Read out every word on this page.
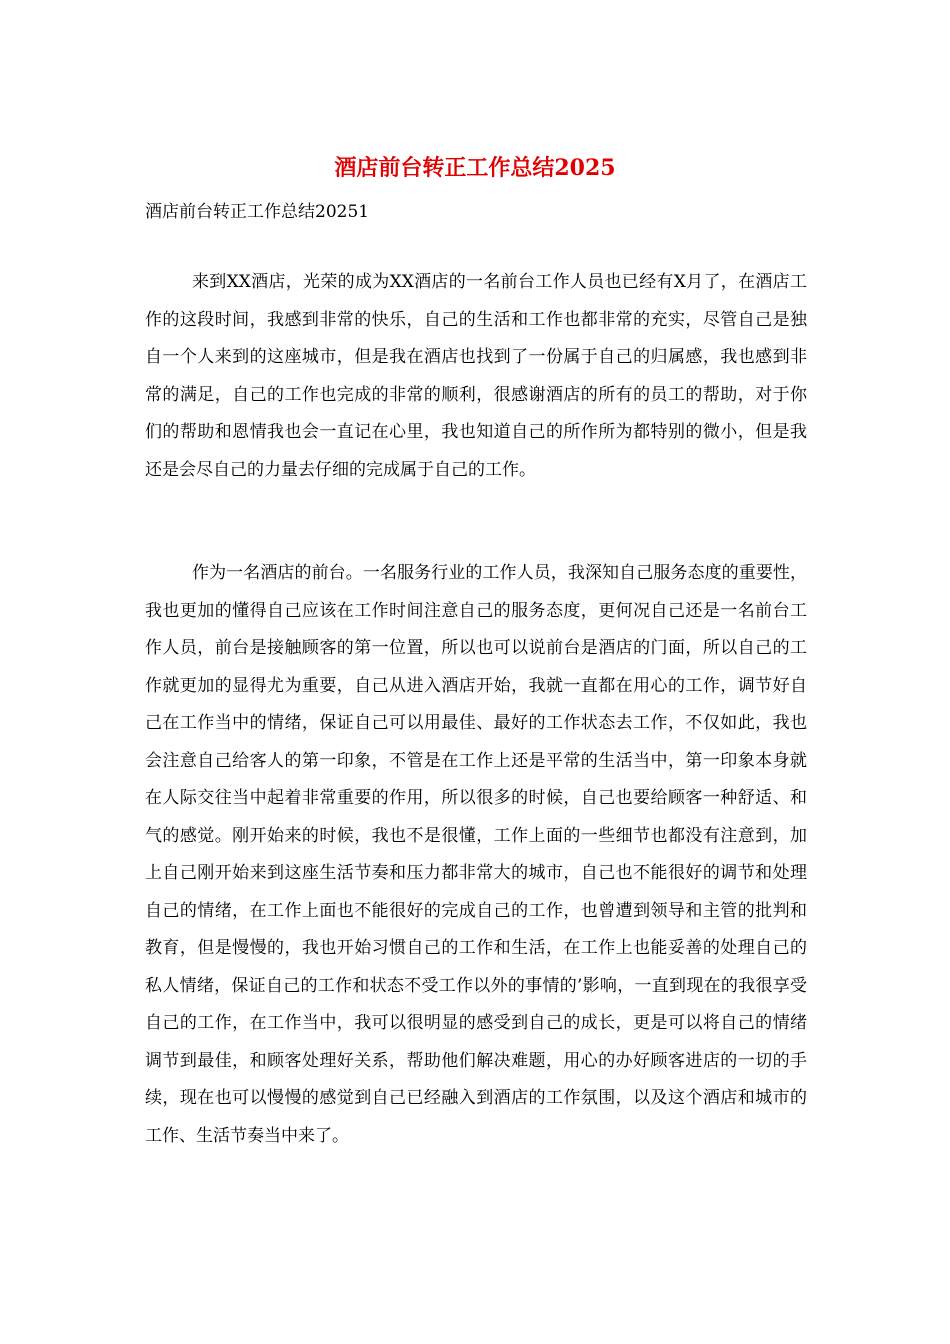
酒店前台转正工作总结2025

酒店前台转正工作总结20251

来到XX酒店，光荣的成为XX酒店的一名前台工作人员也已经有X月了，在酒店工作的这段时间，我感到非常的快乐，自己的生活和工作也都非常的充实，尽管自己是独自一个人来到的这座城市，但是我在酒店也找到了一份属于自己的归属感，我也感到非常的满足，自己的工作也完成的非常的顺利，很感谢酒店的所有的员工的帮助，对于你们的帮助和恩情我也会一直记在心里，我也知道自己的所作所为都特别的微小，但是我还是会尽自己的力量去仔细的完成属于自己的工作。

作为一名酒店的前台。一名服务行业的工作人员，我深知自己服务态度的重要性，我也更加的懂得自己应该在工作时间注意自己的服务态度，更何况自己还是一名前台工作人员，前台是接触顾客的第一位置，所以也可以说前台是酒店的门面，所以自己的工作就更加的显得尤为重要，自己从进入酒店开始，我就一直都在用心的工作，调节好自己在工作当中的情绪，保证自己可以用最佳、最好的工作状态去工作，不仅如此，我也会注意自己给客人的第一印象，不管是在工作上还是平常的生活当中，第一印象本身就在人际交往当中起着非常重要的作用，所以很多的时候，自己也要给顾客一种舒适、和气的感觉。刚开始来的时候，我也不是很懂，工作上面的一些细节也都没有注意到，加上自己刚开始来到这座生活节奏和压力都非常大的城市，自己也不能很好的调节和处理自己的情绪，在工作上面也不能很好的完成自己的工作，也曾遭到领导和主管的批判和教育，但是慢慢的，我也开始习惯自己的工作和生活，在工作上也能妥善的处理自己的私人情绪，保证自己的工作和状态不受工作以外的事情的’影响，一直到现在的我很享受自己的工作，在工作当中，我可以很明显的感受到自己的成长，更是可以将自己的情绪调节到最佳，和顾客处理好关系，帮助他们解决难题，用心的办好顾客进店的一切的手续，现在也可以慢慢的感觉到自己已经融入到酒店的工作氛围，以及这个酒店和城市的工作、生活节奏当中来了。
